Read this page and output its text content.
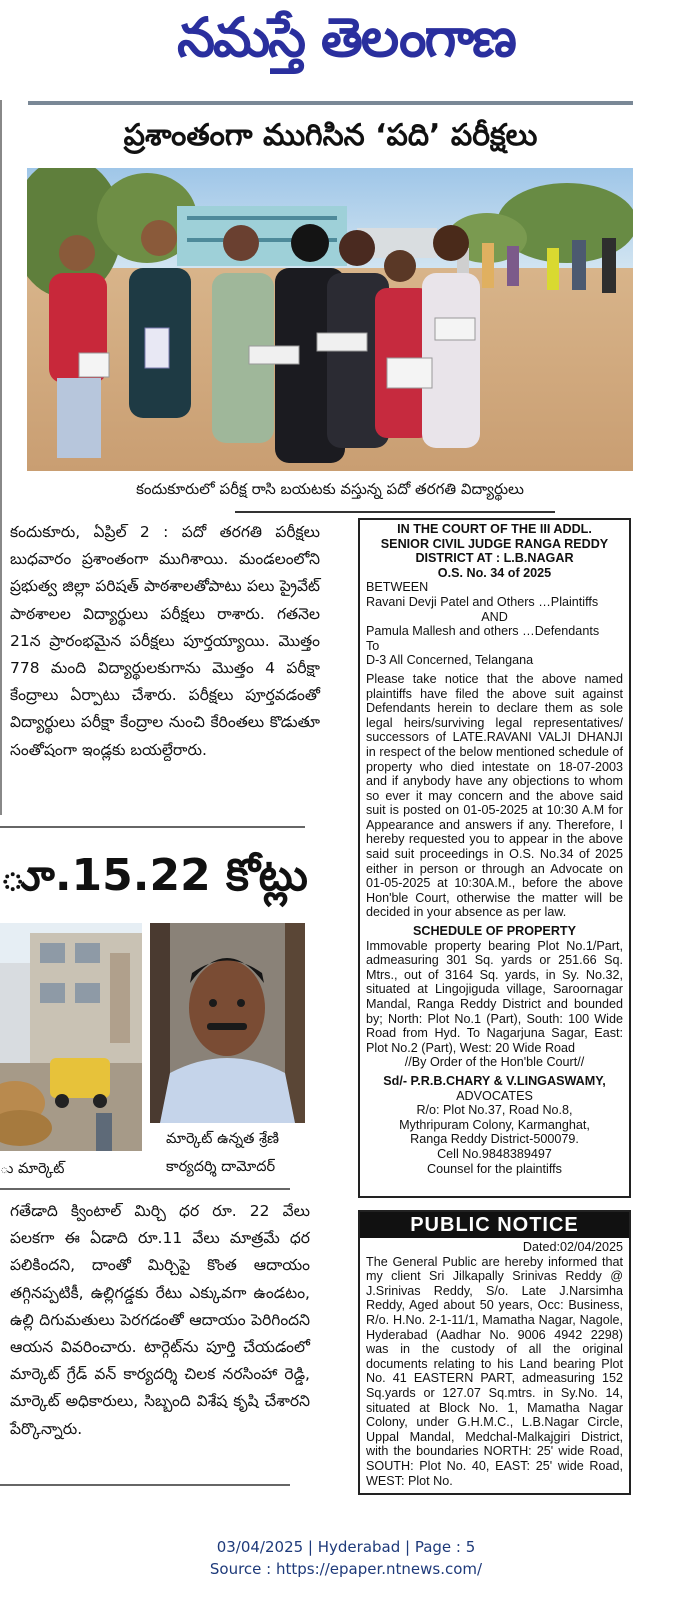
నమస్తే తెలంగాణ
ప్రశాంతంగా ముగిసిన ‘పది’ పరీక్షలు
కందుకూరులో పరీక్ష రాసి బయటకు వస్తున్న పదో తరగతి విద్యార్థులు
కందుకూరు, ఏప్రిల్ 2 : పదో తరగతి పరీక్షలు బుధవారం ప్రశాంతంగా ముగిశాయి. మండలంలోని ప్రభుత్వ జిల్లా పరిషత్ పాఠశాలతోపాటు పలు ప్రైవేట్ పాఠశాలల విద్యార్థులు పరీక్షలు రాశారు. గతనెల 21న ప్రారంభమైన పరీక్షలు పూర్తయ్యాయి. మొత్తం 778 మంది విద్యార్థులకుగాను మొత్తం 4 పరీక్షా కేంద్రాలు ఏర్పాటు చేశారు. పరీక్షలు పూర్తవడంతో విద్యార్థులు పరీక్షా కేంద్రాల నుంచి కేరింతలు కొడుతూ సంతోషంగా ఇండ్లకు బయల్దేరారు.
ూ.15.22 కోట్లు
ు మార్కెట్
మార్కెట్ ఉన్నత శ్రేణి
కార్యదర్శి దామోదర్
గతేడాది క్వింటాల్ మిర్చి ధర రూ. 22 వేలు పలకగా ఈ ఏడాది రూ.11 వేలు మాత్రమే ధర పలికిందని, దాంతో మిర్చిపై కొంత ఆదాయం తగ్గినప్పటికీ, ఉల్లిగడ్డకు రేటు ఎక్కువగా ఉండటం, ఉల్లి దిగుమతులు పెరగడంతో ఆదాయం పెరిగిందని ఆయన వివరించారు. టార్గెట్‌ను పూర్తి చేయడంలో మార్కెట్ గ్రేడ్ వన్ కార్యదర్శి చిలక నరసింహా రెడ్డి, మార్కెట్ అధికారులు, సిబ్బంది విశేష కృషి చేశారని పేర్కొన్నారు.
IN THE COURT OF THE III ADDL.
SENIOR CIVIL JUDGE RANGA REDDY
DISTRICT AT : L.B.NAGAR
O.S. No. 34 of 2025
BETWEEN
Ravani Devji Patel and Others …Plaintiffs
AND
Pamula Mallesh and others …Defendants
To
D-3 All Concerned, Telangana
Please take notice that the above named plaintiffs have filed the above suit against Defendants herein to declare them as sole legal heirs/surviving legal representatives/ successors of LATE.RAVANI VALJI DHANJI in respect of the below mentioned schedule of property who died intestate on 18-07-2003 and if anybody have any objections to whom so ever it may concern and the above said suit is posted on 01-05-2025 at 10:30 A.M for Appearance and answers if any. Therefore, I hereby requested you to appear in the above said suit proceedings in O.S. No.34 of 2025 either in person or through an Advocate on 01-05-2025 at 10:30A.M., before the above Hon'ble Court, otherwise the matter will be decided in your absence as per law.
SCHEDULE OF PROPERTY
Immovable property bearing Plot No.1/Part, admeasuring 301 Sq. yards or 251.66 Sq. Mtrs., out of 3164 Sq. yards, in Sy. No.32, situated at Lingojiguda village, Saroornagar Mandal, Ranga Reddy District and bounded by; North: Plot No.1 (Part), South: 100 Wide Road from Hyd. To Nagarjuna Sagar, East: Plot No.2 (Part), West: 20 Wide Road
//By Order of the Hon'ble Court//
Sd/- P.R.B.CHARY & V.LINGASWAMY,
ADVOCATES
R/o: Plot No.37, Road No.8,
Mythripuram Colony, Karmanghat,
Ranga Reddy District-500079.
Cell No.9848389497
Counsel for the plaintiffs
PUBLIC NOTICE
Dated:02/04/2025
The General Public are hereby informed that my client Sri Jilkapally Srinivas Reddy @ J.Srinivas Reddy, S/o. Late J.Narsimha Reddy, Aged about 50 years, Occ: Business, R/o. H.No. 2-1-11/1, Mamatha Nagar, Nagole, Hyderabad (Aadhar No. 9006 4942 2298) was in the custody of all the original documents relating to his Land bearing Plot No. 41 EASTERN PART, admeasuring 152 Sq.yards or 127.07 Sq.mtrs. in Sy.No. 14, situated at Block No. 1, Mamatha Nagar Colony, under G.H.M.C., L.B.Nagar Circle, Uppal Mandal, Medchal-Malkajgiri District, with the boundaries NORTH: 25' wide Road, SOUTH: Plot No. 40, EAST: 25' wide Road, WEST: Plot No.
03/04/2025 | Hyderabad | Page : 5
Source : https://epaper.ntnews.com/
